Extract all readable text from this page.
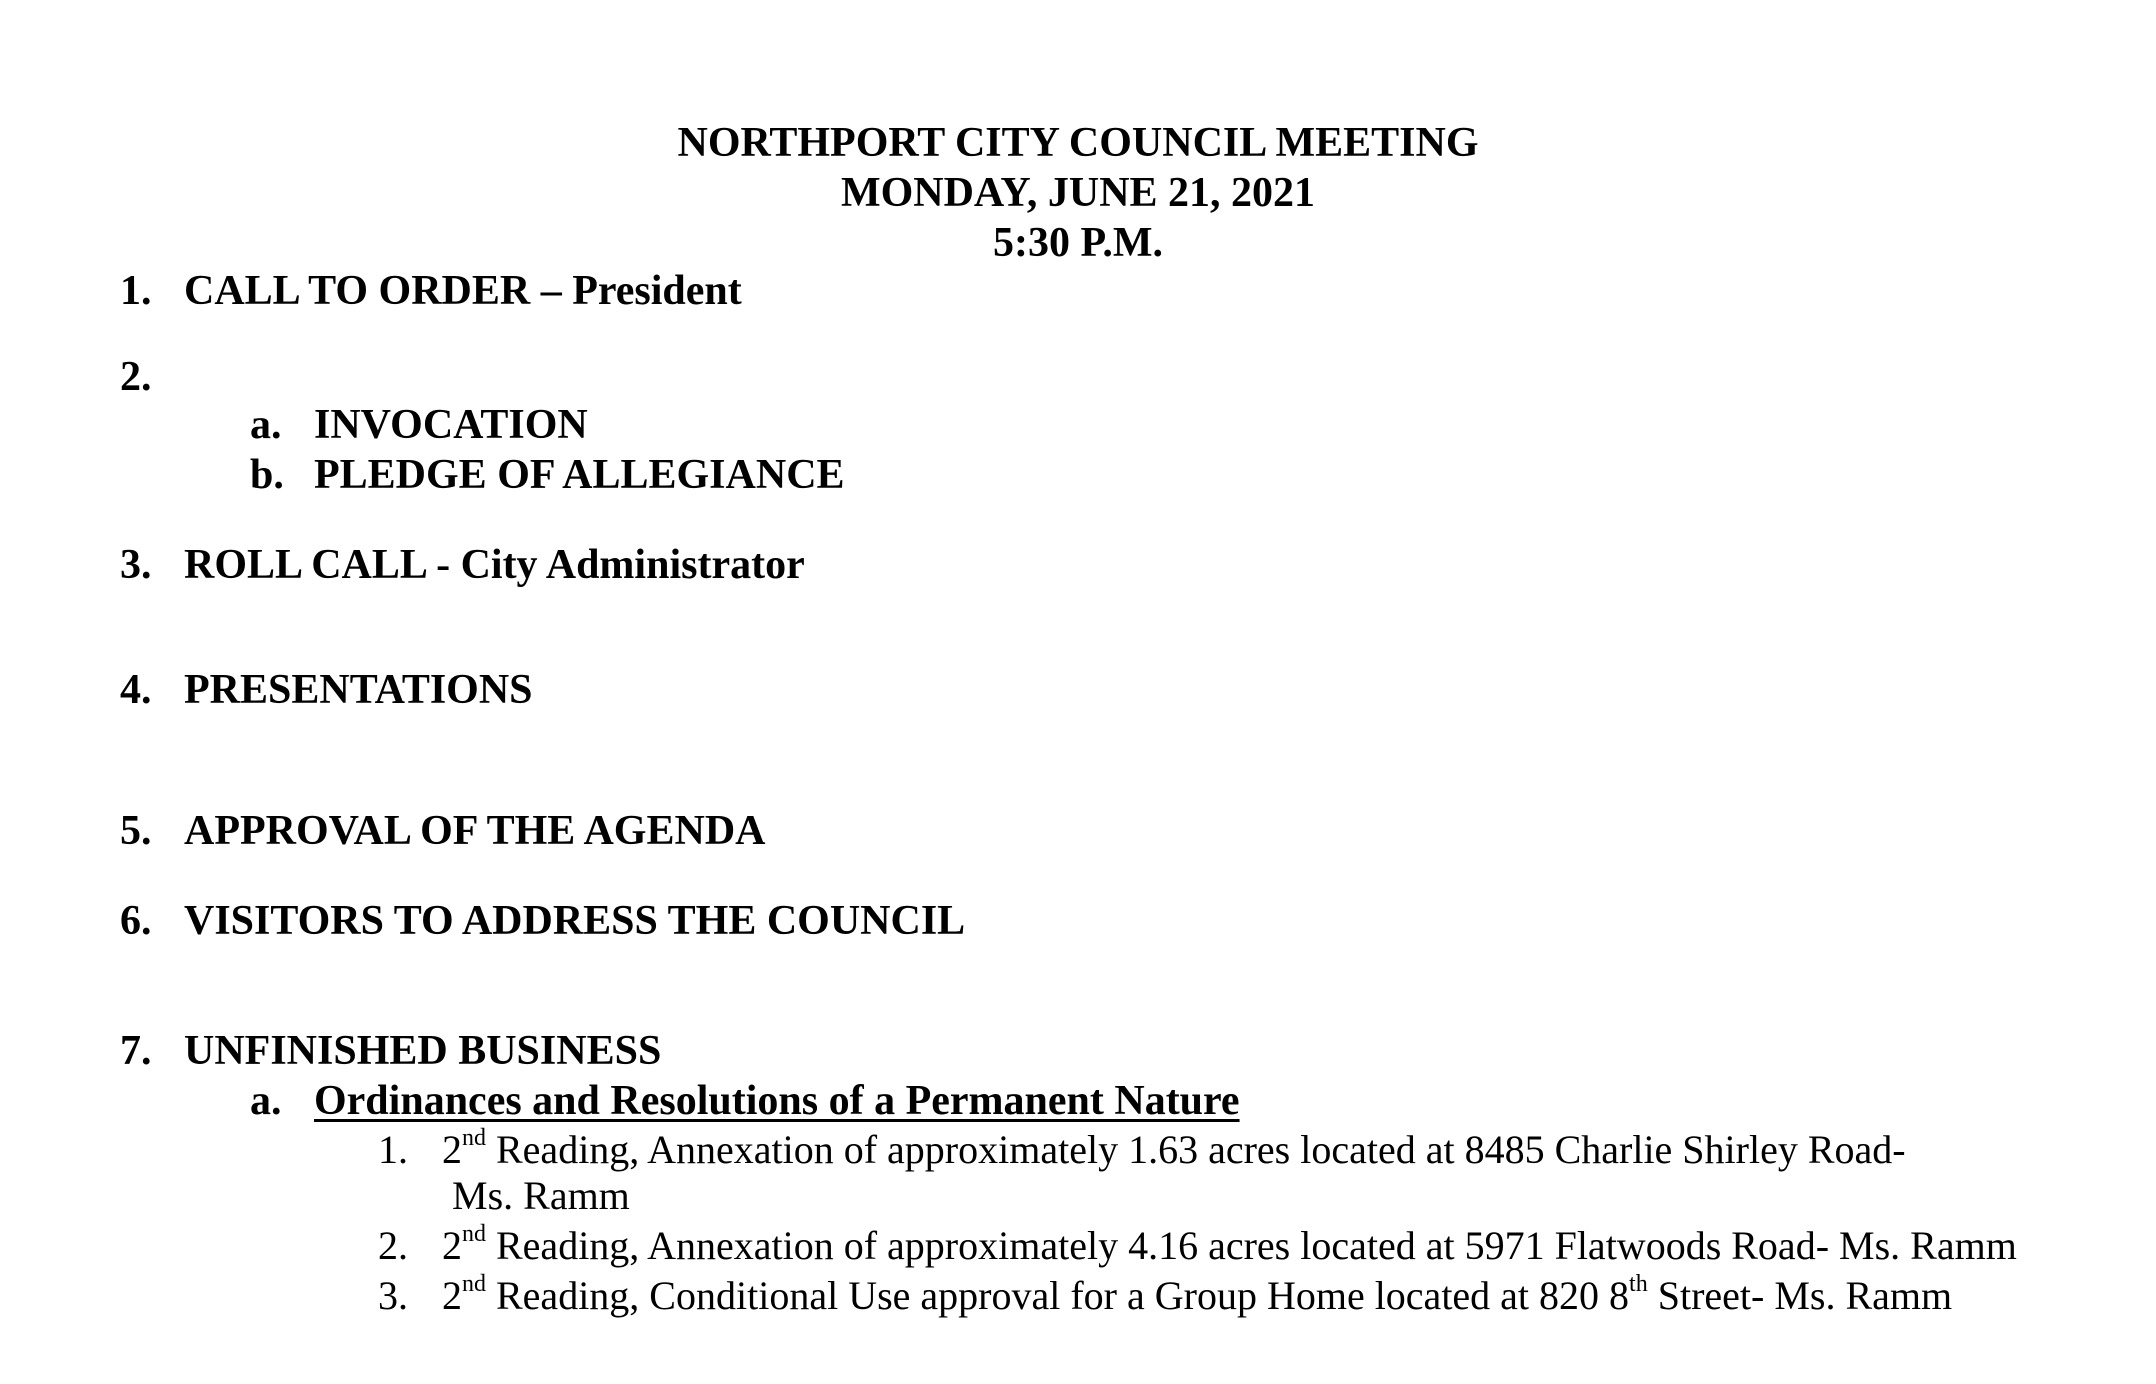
NORTHPORT CITY COUNCIL MEETING
MONDAY, JUNE 21, 2021
5:30 P.M.
1. CALL TO ORDER – President
2.
a. INVOCATION
b. PLEDGE OF ALLEGIANCE
3. ROLL CALL - City Administrator
4. PRESENTATIONS
5. APPROVAL OF THE AGENDA
6. VISITORS TO ADDRESS THE COUNCIL
7. UNFINISHED BUSINESS
a. Ordinances and Resolutions of a Permanent Nature
1. 2nd Reading, Annexation of approximately 1.63 acres located at 8485 Charlie Shirley Road-
Ms. Ramm
2. 2nd Reading, Annexation of approximately 4.16 acres located at 5971 Flatwoods Road- Ms. Ramm
3. 2nd Reading, Conditional Use approval for a Group Home located at 820 8th Street- Ms. Ramm
